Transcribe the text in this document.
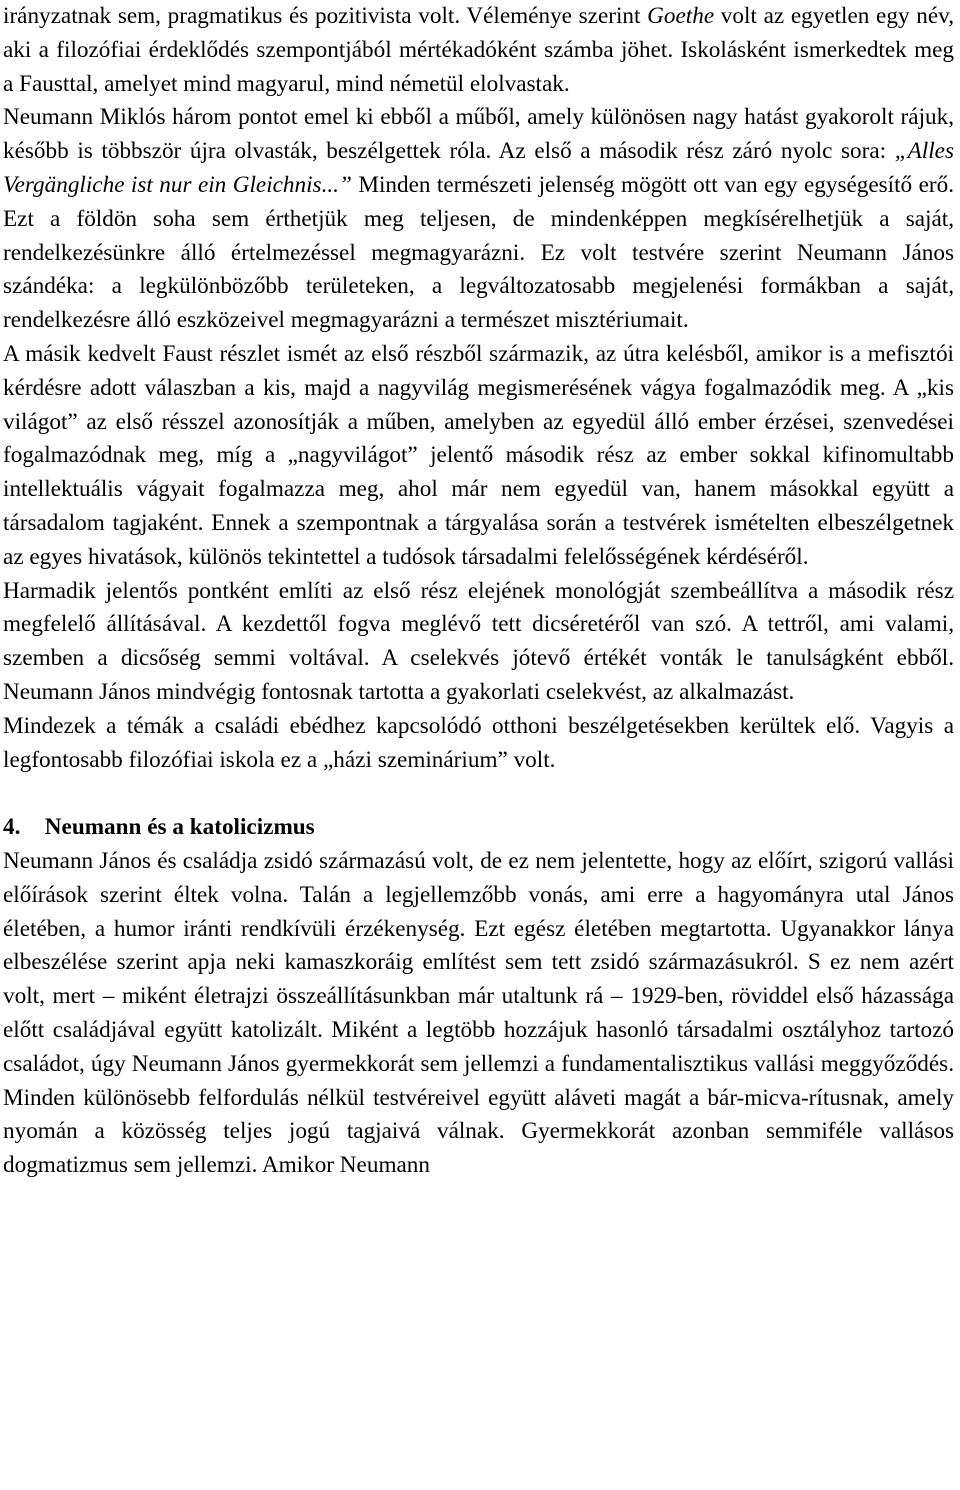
irányzatnak sem, pragmatikus és pozitivista volt. Véleménye szerint Goethe volt az egyetlen egy név, aki a filozófiai érdeklődés szempontjából mértékadóként számba jöhet. Iskolásként ismerkedtek meg a Fausttal, amelyet mind magyarul, mind németül elolvastak.

Neumann Miklós három pontot emel ki ebből a műből, amely különösen nagy hatást gyakorolt rájuk, később is többször újra olvasták, beszélgettek róla. Az első a második rész záró nyolc sora: „Alles Vergängliche ist nur ein Gleichnis...” Minden természeti jelenség mögött ott van egy egységesítő erő. Ezt a földön soha sem érthetjük meg teljesen, de mindenképpen megkísérelhetjük a saját, rendelkezésünkre álló értelmezéssel megmagyarázni. Ez volt testvére szerint Neumann János szándéka: a legkülönbözőbb területeken, a legváltozatosabb megjelenési formákban a saját, rendelkezésre álló eszközeivel megmagyarázni a természet misztériumait.

A másik kedvelt Faust részlet ismét az első részből származik, az útra kelésből, amikor is a mefisztói kérdésre adott válaszban a kis, majd a nagyvilág megismerésének vágya fogalmazódik meg. A „kis világot” az első résszel azonosítják a műben, amelyben az egyedül álló ember érzései, szenvedései fogalmazódnak meg, míg a „nagyvilágot” jelentő második rész az ember sokkal kifinomultabb intellektuális vágyait fogalmazza meg, ahol már nem egyedül van, hanem másokkal együtt a társadalom tagjaként. Ennek a szempontnak a tárgyalása során a testvérek ismételten elbeszélgetnek az egyes hivatások, különös tekintettel a tudósok társadalmi felelősségének kérdéséről.

Harmadik jelentős pontként említi az első rész elejének monológját szembeállítva a második rész megfelelő állításával. A kezdettől fogva meglévő tett dicséretéről van szó. A tettről, ami valami, szemben a dicsőség semmi voltával. A cselekvés jótevő értékét vonták le tanulságként ebből. Neumann János mindvégig fontosnak tartotta a gyakorlati cselekvést, az alkalmazást.

Mindezek a témák a családi ebédhez kapcsolódó otthoni beszélgetésekben kerültek elő. Vagyis a legfontosabb filozófiai iskola ez a „házi szeminárium” volt.

4. Neumann és a katolicizmus

Neumann János és családja zsidó származású volt, de ez nem jelentette, hogy az előírt, szigorú vallási előírások szerint éltek volna. Talán a legjellemzőbb vonás, ami erre a hagyományra utal János életében, a humor iránti rendkívüli érzékenység. Ezt egész életében megtartotta. Ugyanakkor lánya elbeszélése szerint apja neki kamaszkoráig említést sem tett zsidó származásukról. S ez nem azért volt, mert – miként életrajzi összeállításunkban már utaltunk rá – 1929-ben, röviddel első házassága előtt családjával együtt katolizált. Miként a legtöbb hozzájuk hasonló társadalmi osztályhoz tartozó családot, úgy Neumann János gyermekkorát sem jellemzi a fundamentalisztikus vallási meggyőződés. Minden különösebb felfordulás nélkül testvéreivel együtt aláveti magát a bár-micva-rítusnak, amely nyomán a közösség teljes jogú tagjaivá válnak. Gyermekkorát azonban semmiféle vallásos dogmatizmus sem jellemzi. Amikor Neumann
